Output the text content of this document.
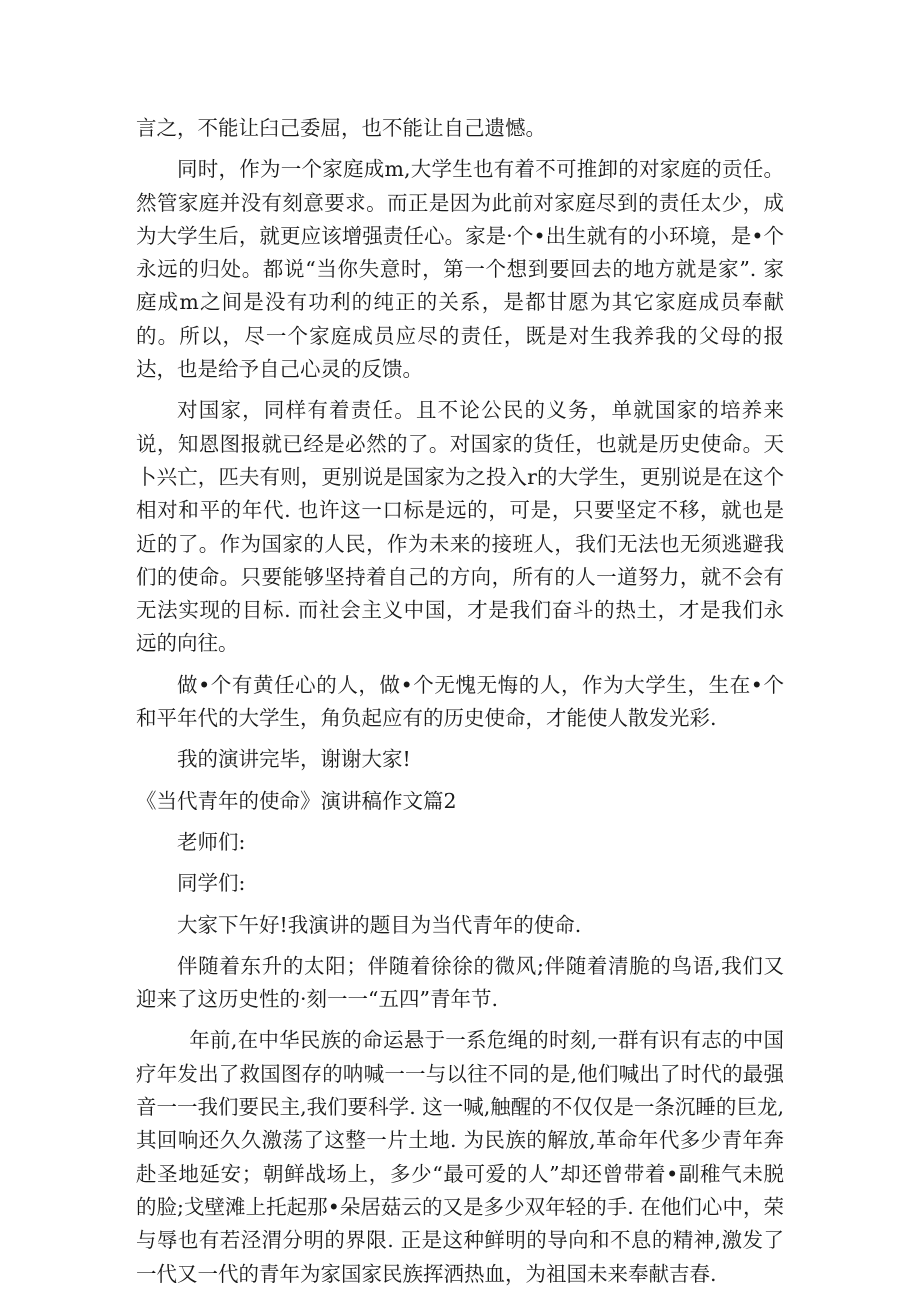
言之，不能让臼己委屈，也不能让自己遗憾。

同时，作为一个家庭成m,大学生也有着不可推卸的对家庭的贡任。然管家庭并没有刻意要求。而正是因为此前对家庭尽到的责任太少，成为大学生后，就更应该增强责任心。家是·个•出生就有的小环境，是•个永远的归处。都说“当你失意时，第一个想到要回去的地方就是家”. 家庭成m之间是没有功利的纯正的关系，是都甘愿为其它家庭成员奉献的。所以，尽一个家庭成员应尽的责任，既是对生我养我的父母的报达，也是给予自己心灵的反馈。

对国家，同样有着责任。且不论公民的义务，单就国家的培养来说，知恩图报就已经是必然的了。对国家的货任，也就是历史使命。天卜兴亡，匹夫有则，更别说是国家为之投入r的大学生，更别说是在这个相对和平的年代. 也许这一口标是远的，可是，只要坚定不移，就也是近的了。作为国家的人民，作为未来的接班人，我们无法也无须逃避我们的使命。只要能够坚持着自己的方向，所有的人一道努力，就不会有无法实现的目标. 而社会主义中国，才是我们奋斗的热土，才是我们永远的向往。

做•个有黄任心的人，做•个无愧无悔的人，作为大学生，生在•个和平年代的大学生，角负起应有的历史使命，才能使人散发光彩.

我的演讲完毕，谢谢大家!

《当代青年的使命》演讲稿作文篇2

老师们:

同学们:

大家下午好!我演讲的题目为当代青年的使命.

伴随着东升的太阳；伴随着徐徐的微风;伴随着清脆的鸟语,我们又迎来了这历史性的·刻一一“五四”青年节.

年前,在中华民族的命运悬于一系危绳的时刻,一群有识有志的中国疗年发出了救国图存的呐喊一一与以往不同的是,他们喊出了时代的最强音一一我们要民主,我们要科学. 这一喊,触醒的不仅仅是一条沉睡的巨龙,其回响还久久激荡了这整一片土地. 为民族的解放,革命年代多少青年奔赴圣地延安；朝鲜战场上，多少“最可爱的人”却还曾带着•副稚气未脱的脸;戈壁滩上托起那•朵居菇云的又是多少双年轻的手. 在他们心中，荣与辱也有若泾渭分明的界限. 正是这种鲜明的导向和不息的精神,激发了一代又一代的青年为家国家民族挥洒热血，为祖国未来奉献吉春.
